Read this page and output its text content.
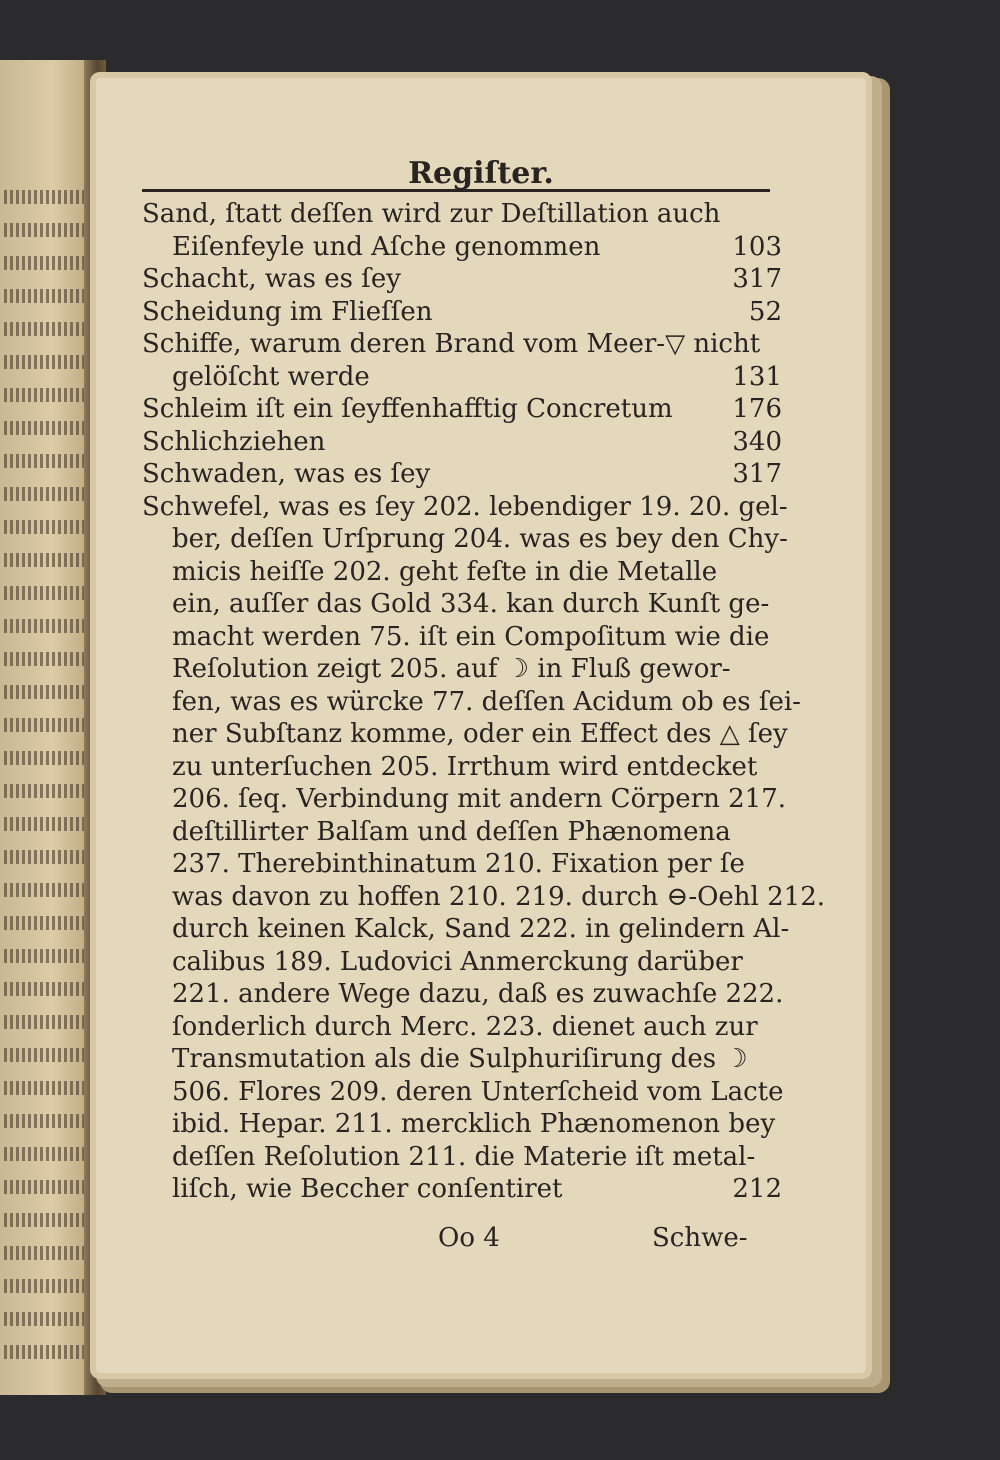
Regiſter.
Sand, ſtatt deſſen wird zur Deſtillation auch
Eiſenfeyle und Aſche genommen	103
Schacht, was es ſey	317
Scheidung im Flieſſen	52
Schiffe, warum deren Brand vom Meer-▽ nicht
gelöſcht werde	131
Schleim iſt ein ſeyffenhafftig Concretum 176
Schlichziehen	340
Schwaden, was es ſey	317
Schwefel, was es ſey 202. lebendiger 19. 20. gel-
ber, deſſen Urſprung 204. was es bey den Chy-
micis heiſſe 202. geht feſte in die Metalle
ein, auſſer das Gold 334. kan durch Kunſt ge-
macht werden 75. iſt ein Compoſitum wie die
Reſolution zeigt 205. auf ☽ in Fluß gewor-
fen, was es würcke 77. deſſen Acidum ob es ſei-
ner Subſtanz komme, oder ein Effect des △ ſey
zu unterſuchen 205. Irrthum wird entdecket
206. ſeq. Verbindung mit andern Cörpern 217.
deſtillirter Balſam und deſſen Phænomena
237. Therebinthinatum 210. Fixation per ſe
was davon zu hoffen 210. 219. durch ⊖-Oehl 212.
durch keinen Kalck, Sand 222. in gelindern Al-
calibus 189. Ludovici Anmerckung darüber
221. andere Wege dazu, daß es zuwachſe 222.
ſonderlich durch Merc. 223. dienet auch zur
Transmutation als die Sulphuriſirung des ☽
506. Flores 209. deren Unterſcheid vom Lacte
ibid. Hepar. 211. mercklich Phænomenon bey
deſſen Reſolution 211. die Materie iſt metal-
liſch, wie Beccher conſentiret	212
Oo 4	Schwe-
